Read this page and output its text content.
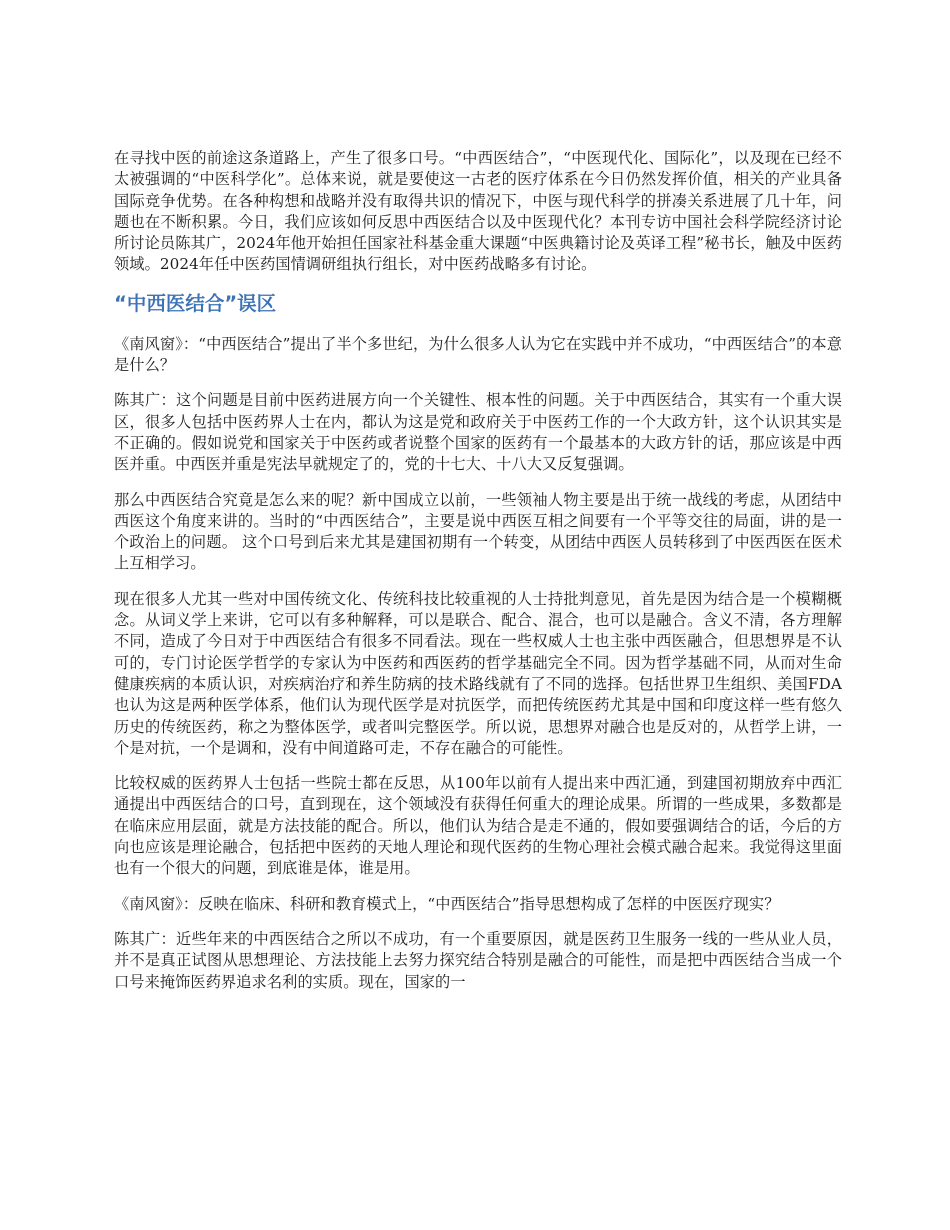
在寻找中医的前途这条道路上，产生了很多口号。“中西医结合”，“中医现代化、国际化”，以及现在已经不太被强调的“中医科学化”。总体来说，就是要使这一古老的医疗体系在今日仍然发挥价值，相关的产业具备国际竞争优势。在各种构想和战略并没有取得共识的情况下，中医与现代科学的拼凑关系进展了几十年，问题也在不断积累。今日，我们应该如何反思中西医结合以及中医现代化？本刊专访中国社会科学院经济讨论所讨论员陈其广，2024年他开始担任国家社科基金重大课题“中医典籍讨论及英译工程”秘书长，触及中医药领域。2024年任中医药国情调研组执行组长，对中医药战略多有讨论。

“中西医结合”误区

《南风窗》：“中西医结合”提出了半个多世纪，为什么很多人认为它在实践中并不成功，“中西医结合”的本意是什么？

陈其广：这个问题是目前中医药进展方向一个关键性、根本性的问题。关于中西医结合，其实有一个重大误区，很多人包括中医药界人士在内，都认为这是党和政府关于中医药工作的一个大政方针，这个认识其实是不正确的。假如说党和国家关于中医药或者说整个国家的医药有一个最基本的大政方针的话，那应该是中西医并重。中西医并重是宪法早就规定了的，党的十七大、十八大又反复强调。

那么中西医结合究竟是怎么来的呢？新中国成立以前，一些领袖人物主要是出于统一战线的考虑，从团结中西医这个角度来讲的。当时的“中西医结合”，主要是说中西医互相之间要有一个平等交往的局面，讲的是一个政治上的问题。 这个口号到后来尤其是建国初期有一个转变，从团结中西医人员转移到了中医西医在医术上互相学习。

现在很多人尤其一些对中国传统文化、传统科技比较重视的人士持批判意见，首先是因为结合是一个模糊概念。从词义学上来讲，它可以有多种解释，可以是联合、配合、混合，也可以是融合。含义不清，各方理解不同，造成了今日对于中西医结合有很多不同看法。现在一些权威人士也主张中西医融合，但思想界是不认可的，专门讨论医学哲学的专家认为中医药和西医药的哲学基础完全不同。因为哲学基础不同，从而对生命健康疾病的本质认识，对疾病治疗和养生防病的技术路线就有了不同的选择。包括世界卫生组织、美国FDA也认为这是两种医学体系，他们认为现代医学是对抗医学，而把传统医药尤其是中国和印度这样一些有悠久历史的传统医药，称之为整体医学，或者叫完整医学。所以说，思想界对融合也是反对的，从哲学上讲，一个是对抗，一个是调和，没有中间道路可走，不存在融合的可能性。

比较权威的医药界人士包括一些院士都在反思，从100年以前有人提出来中西汇通，到建国初期放弃中西汇通提出中西医结合的口号，直到现在，这个领域没有获得任何重大的理论成果。所谓的一些成果，多数都是在临床应用层面，就是方法技能的配合。所以，他们认为结合是走不通的，假如要强调结合的话，今后的方向也应该是理论融合，包括把中医药的天地人理论和现代医药的生物心理社会模式融合起来。我觉得这里面也有一个很大的问题，到底谁是体，谁是用。

《南风窗》：反映在临床、科研和教育模式上，“中西医结合”指导思想构成了怎样的中医医疗现实？

陈其广：近些年来的中西医结合之所以不成功，有一个重要原因，就是医药卫生服务一线的一些从业人员，并不是真正试图从思想理论、方法技能上去努力探究结合特别是融合的可能性，而是把中西医结合当成一个口号来掩饰医药界追求名利的实质。现在，国家的一
